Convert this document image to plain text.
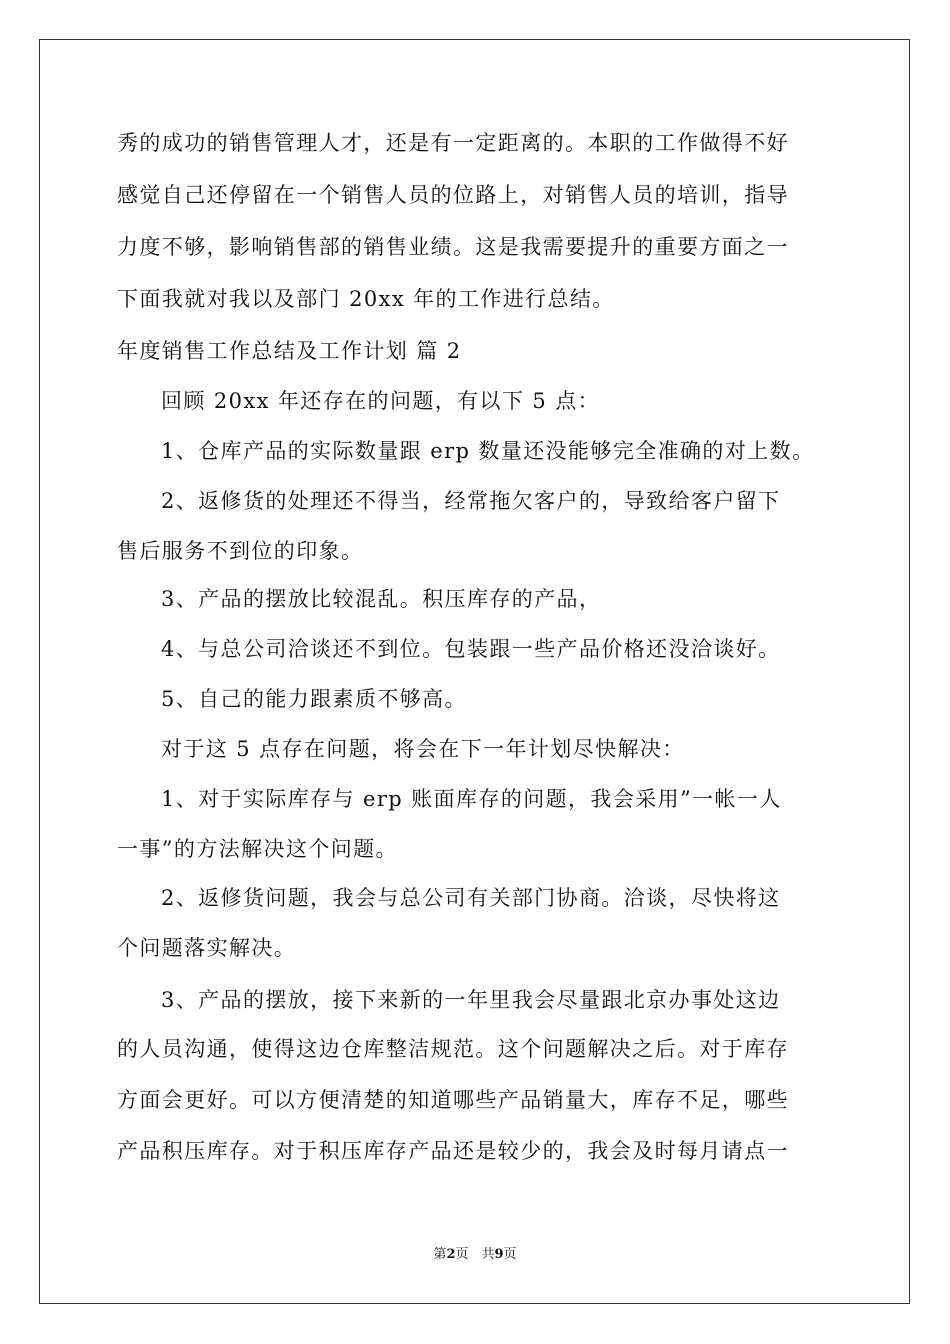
秀的成功的销售管理人才，还是有一定距离的。本职的工作做得不好
感觉自己还停留在一个销售人员的位路上，对销售人员的培训，指导
力度不够，影响销售部的销售业绩。这是我需要提升的重要方面之一
下面我就对我以及部门 20xx 年的工作进行总结。
年度销售工作总结及工作计划 篇 2
回顾 20xx 年还存在的问题，有以下 5 点：
1、仓库产品的实际数量跟 erp 数量还没能够完全准确的对上数。
2、返修货的处理还不得当，经常拖欠客户的，导致给客户留下
售后服务不到位的印象。
3、产品的摆放比较混乱。积压库存的产品，
4、与总公司洽谈还不到位。包装跟一些产品价格还没洽谈好。
5、自己的能力跟素质不够高。
对于这 5 点存在问题，将会在下一年计划尽快解决：
1、对于实际库存与 erp 账面库存的问题，我会采用”一帐一人
一事”的方法解决这个问题。
2、返修货问题，我会与总公司有关部门协商。洽谈，尽快将这
个问题落实解决。
3、产品的摆放，接下来新的一年里我会尽量跟北京办事处这边
的人员沟通，使得这边仓库整洁规范。这个问题解决之后。对于库存
方面会更好。可以方便清楚的知道哪些产品销量大，库存不足，哪些
产品积压库存。对于积压库存产品还是较少的，我会及时每月请点一
第2页　共9页
